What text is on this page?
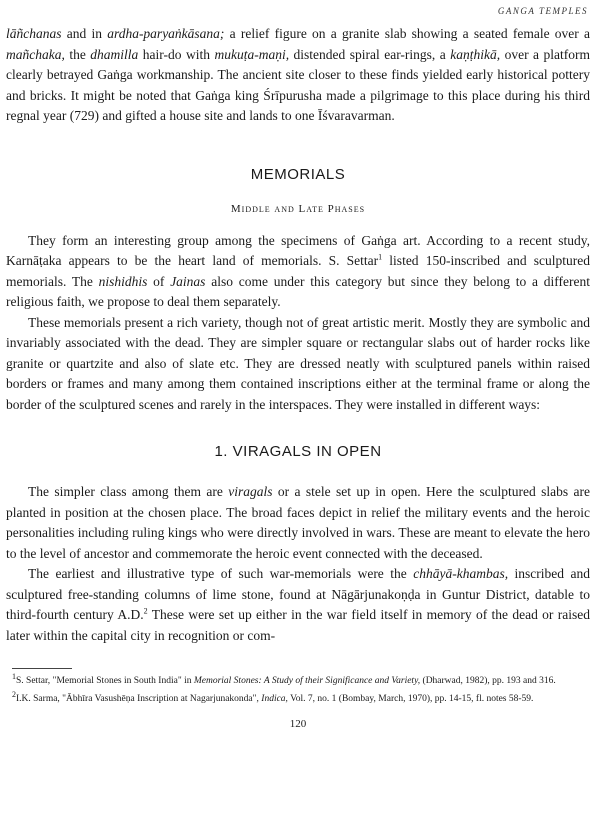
GANGA TEMPLES

lāñchanas and in ardha-paryaṅkāsana; a relief figure on a granite slab showing a seated female over a mañchaka, the dhamilla hair-do with mukuṭa-maṇi, distended spiral ear-rings, a kaṇṭhikā, over a platform clearly betrayed Gaṅga workmanship. The ancient site closer to these finds yielded early historical pottery and bricks. It might be noted that Gaṅga king Śrīpurusha made a pilgrimage to this place during his third regnal year (729) and gifted a house site and lands to one Īśvaravarman.

MEMORIALS
Middle and Late Phases

They form an interesting group among the specimens of Gaṅga art. According to a recent study, Karnāṭaka appears to be the heart land of memorials. S. Settar$^1$ listed 150-inscribed and sculptured memorials. The nishidhis of Jainas also come under this category but since they belong to a different religious faith, we propose to deal them separately.

These memorials present a rich variety, though not of great artistic merit. Mostly they are symbolic and invariably associated with the dead. They are simpler square or rectangular slabs out of harder rocks like granite or quartzite and also of slate etc. They are dressed neatly with sculptured panels within raised borders or frames and many among them contained inscriptions either at the terminal frame or along the border of the sculptured scenes and rarely in the interspaces. They were installed in different ways:

1. VIRAGALS IN OPEN

The simpler class among them are viragals or a stele set up in open. Here the sculptured slabs are planted in position at the chosen place. The broad faces depict in relief the military events and the heroic personalities including ruling kings who were directly involved in wars. These are meant to elevate the hero to the level of ancestor and commemorate the heroic event connected with the deceased.

The earliest and illustrative type of such war-memorials were the chhāyā-khambas, inscribed and sculptured free-standing columns of lime stone, found at Nāgārjunakoṇḍa in Guntur District, datable to third-fourth century A.D.$^2$ These were set up either in the war field itself in memory of the dead or raised later within the capital city in recognition or com-

$^1$S. Settar, "Memorial Stones in South India" in Memorial Stones: A Study of their Significance and Variety, (Dharwad, 1982), pp. 193 and 316.

$^2$I.K. Sarma, "Ābhīra Vasushēṇa Inscription at Nagarjunakonda", Indica, Vol. 7, no. 1 (Bombay, March, 1970), pp. 14-15, fl. notes 58-59.

120
